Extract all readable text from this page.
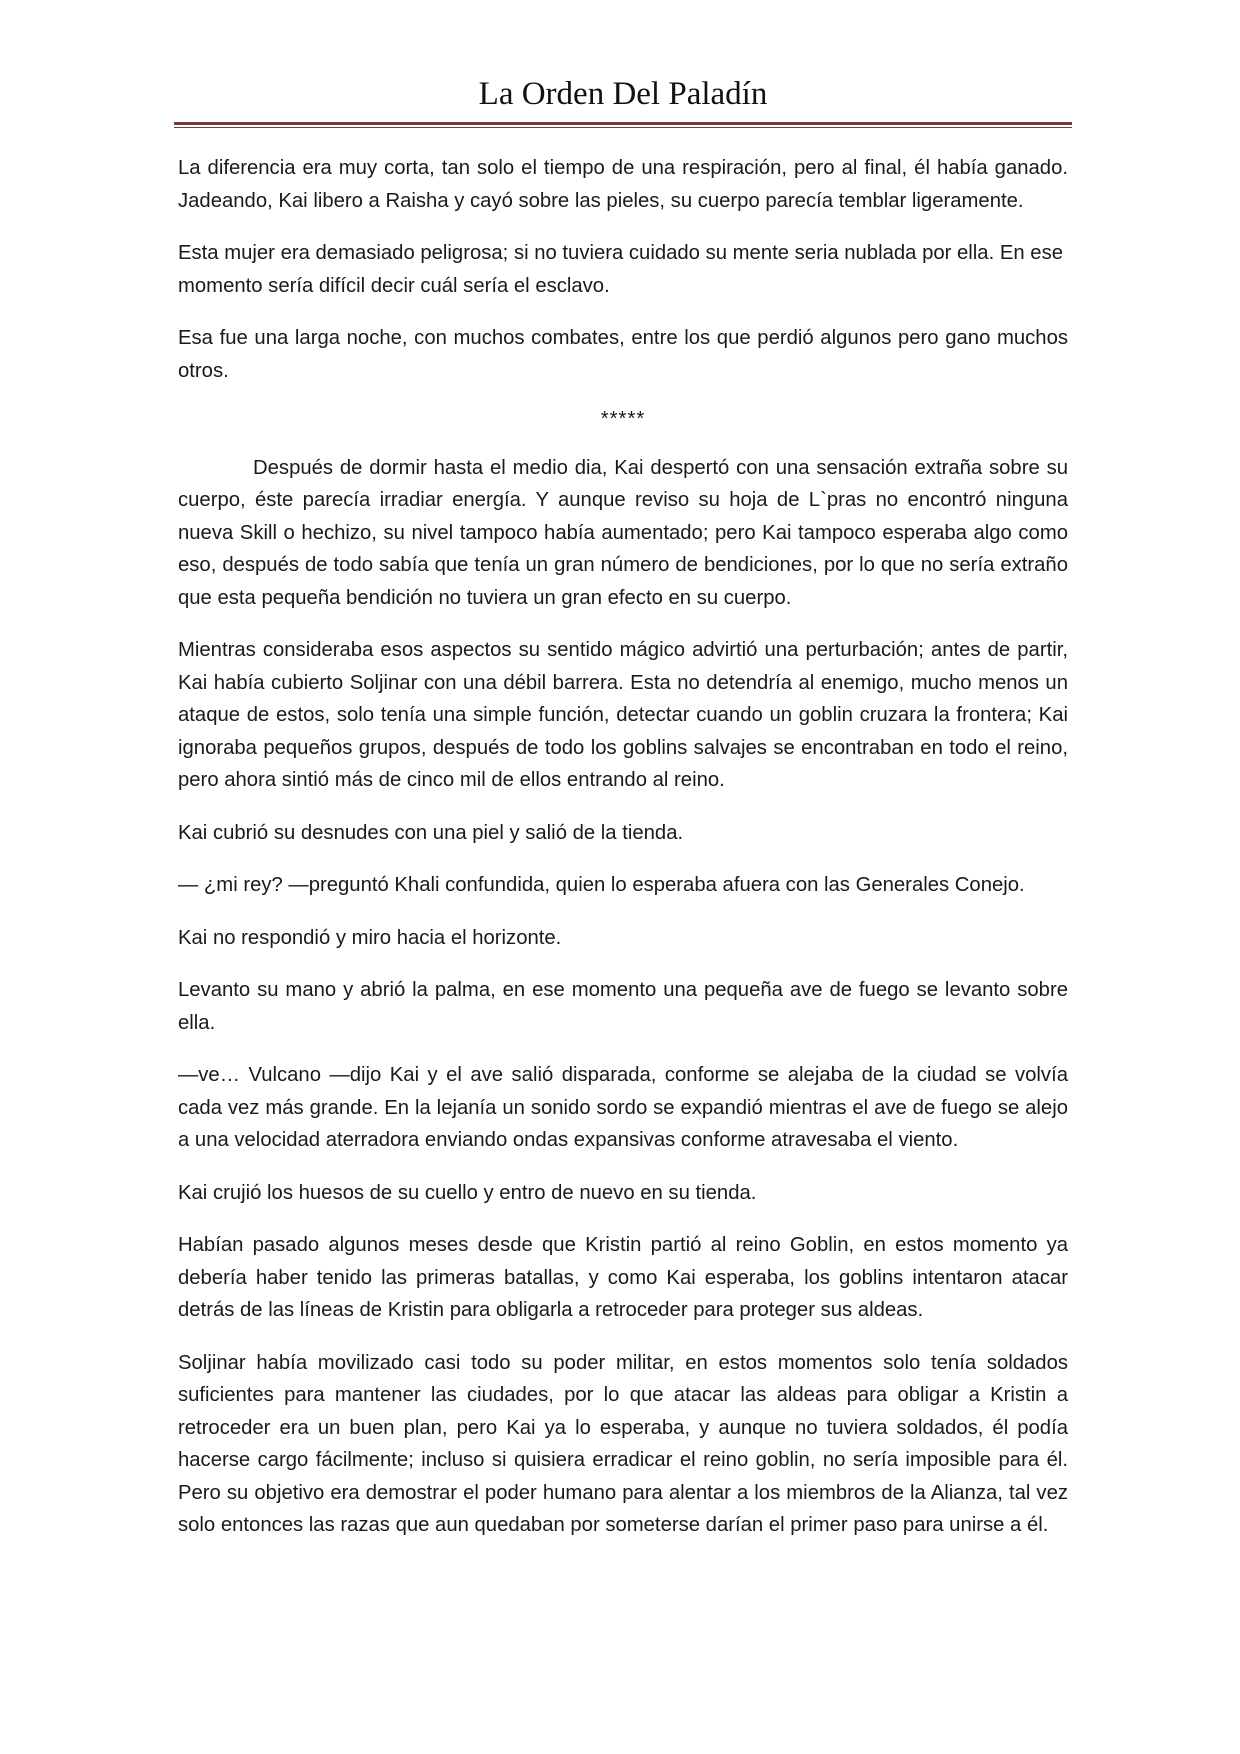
La Orden Del Paladín

La diferencia era muy corta, tan solo el tiempo de una respiración, pero al final, él había ganado. Jadeando, Kai libero a Raisha y cayó sobre las pieles, su cuerpo parecía temblar ligeramente.

Esta mujer era demasiado peligrosa; si no tuviera cuidado su mente seria nublada por ella. En ese momento sería difícil decir cuál sería el esclavo.

Esa fue una larga noche, con muchos combates, entre los que perdió algunos pero gano muchos otros.

*****

Después de dormir hasta el medio dia, Kai despertó con una sensación extraña sobre su cuerpo, éste parecía irradiar energía. Y aunque reviso su hoja de L`pras no encontró ninguna nueva Skill o hechizo, su nivel tampoco había aumentado; pero Kai tampoco esperaba algo como eso, después de todo sabía que tenía un gran número de bendiciones, por lo que no sería extraño que esta pequeña bendición no tuviera un gran efecto en su cuerpo.

Mientras consideraba esos aspectos su sentido mágico advirtió una perturbación; antes de partir, Kai había cubierto Soljinar con una débil barrera. Esta no detendría al enemigo, mucho menos un ataque de estos, solo tenía una simple función, detectar cuando un goblin cruzara la frontera; Kai ignoraba pequeños grupos, después de todo los goblins salvajes se encontraban en todo el reino, pero ahora sintió más de cinco mil de ellos entrando al reino.

Kai cubrió su desnudes con una piel y salió de la tienda.

— ¿mi rey? —preguntó Khali confundida, quien lo esperaba afuera con las Generales Conejo.

Kai no respondió y miro hacia el horizonte.

Levanto su mano y abrió la palma, en ese momento una pequeña ave de fuego se levanto sobre ella.

—ve… Vulcano —dijo Kai y el ave salió disparada, conforme se alejaba de la ciudad se volvía cada vez más grande. En la lejanía un sonido sordo se expandió mientras el ave de fuego se alejo a una velocidad aterradora enviando ondas expansivas conforme atravesaba el viento.

Kai crujió los huesos de su cuello y entro de nuevo en su tienda.

Habían pasado algunos meses desde que Kristin partió al reino Goblin, en estos momento ya debería haber tenido las primeras batallas, y como Kai esperaba, los goblins intentaron atacar detrás de las líneas de Kristin para obligarla a retroceder para proteger sus aldeas.

Soljinar había movilizado casi todo su poder militar, en estos momentos solo tenía soldados suficientes para mantener las ciudades, por lo que atacar las aldeas para obligar a Kristin a retroceder era un buen plan, pero Kai ya lo esperaba, y aunque no tuviera soldados, él podía hacerse cargo fácilmente; incluso si quisiera erradicar el reino goblin, no sería imposible para él. Pero su objetivo era demostrar el poder humano para alentar a los miembros de la Alianza, tal vez solo entonces las razas que aun quedaban por someterse darían el primer paso para unirse a él.
